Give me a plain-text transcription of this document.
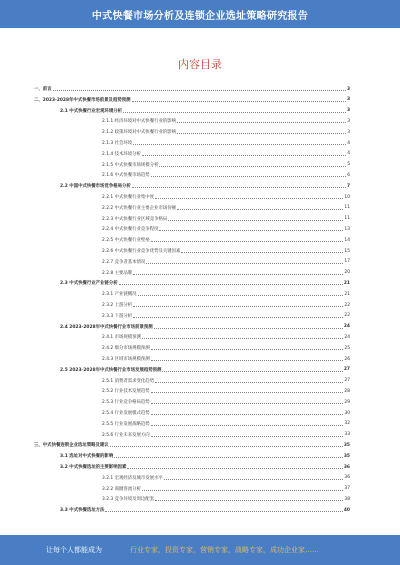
中式快餐市场分析及连锁企业选址策略研究报告
内容目录
一、前言	3
二、2023-2028年中式快餐市场前景及趋势预测	3
2.1 中式快餐行业宏观环境分析	3
2.1.1 经济环境对中式快餐行业的影响	3
2.1.2 政策环境对中式快餐行业的影响	3
2.1.3 社会环境	4
2.1.4 技术环境分析	4
2.1.5 中式快餐市场规模分析	5
2.1.6 中式快餐市场趋势	6
2.2 中国中式快餐市场竞争格局分析	7
2.2.1 中式快餐行业集中度	10
2.2.2 中式快餐行业主要企业市场份额	11
2.2.3 中式快餐行业区域竞争格局	11
2.2.4 中式快餐行业竞争程度	13
2.2.5 中式快餐行业壁垒	14
2.2.6 中式快餐行业竞争优势及关键因素	15
2.2.7 竞争者基本情况	17
2.2.8 主要品牌	20
2.3 中式快餐行业产业链分析	21
2.3.1 产业链概况	21
2.3.2 上游分析	22
2.3.3 下游分析	22
2.4 2023-2028年中式快餐行业市场前景预测	24
2.4.1 市场规模预测	24
2.4.2 细分市场规模预测	25
2.4.3 区域市场规模预测	26
2.5 2023-2028年中式快餐行业市场发展趋势预测	27
2.5.1 消费者需求变化趋势	27
2.5.2 行业技术发展趋势	28
2.5.3 行业竞争格局趋势	29
2.5.4 行业发展模式趋势	30
2.5.5 行业发展战略趋势	32
2.5.6 行业未来发展方向	33
三、中式快餐连锁企业选址策略及建议	35
3.1 选址对中式快餐的影响	35
3.2 中式快餐选址的主要影响因素	36
3.2.1 宏观经济及城市发展水平	36
3.2.2 商圈客流分析	37
3.2.3 竞争环境及周边配套	38
3.3 中式快餐选址方法	40
让每个人都能成为	行业专家，投资专家，营销专家，战略专家，成功企业家……
